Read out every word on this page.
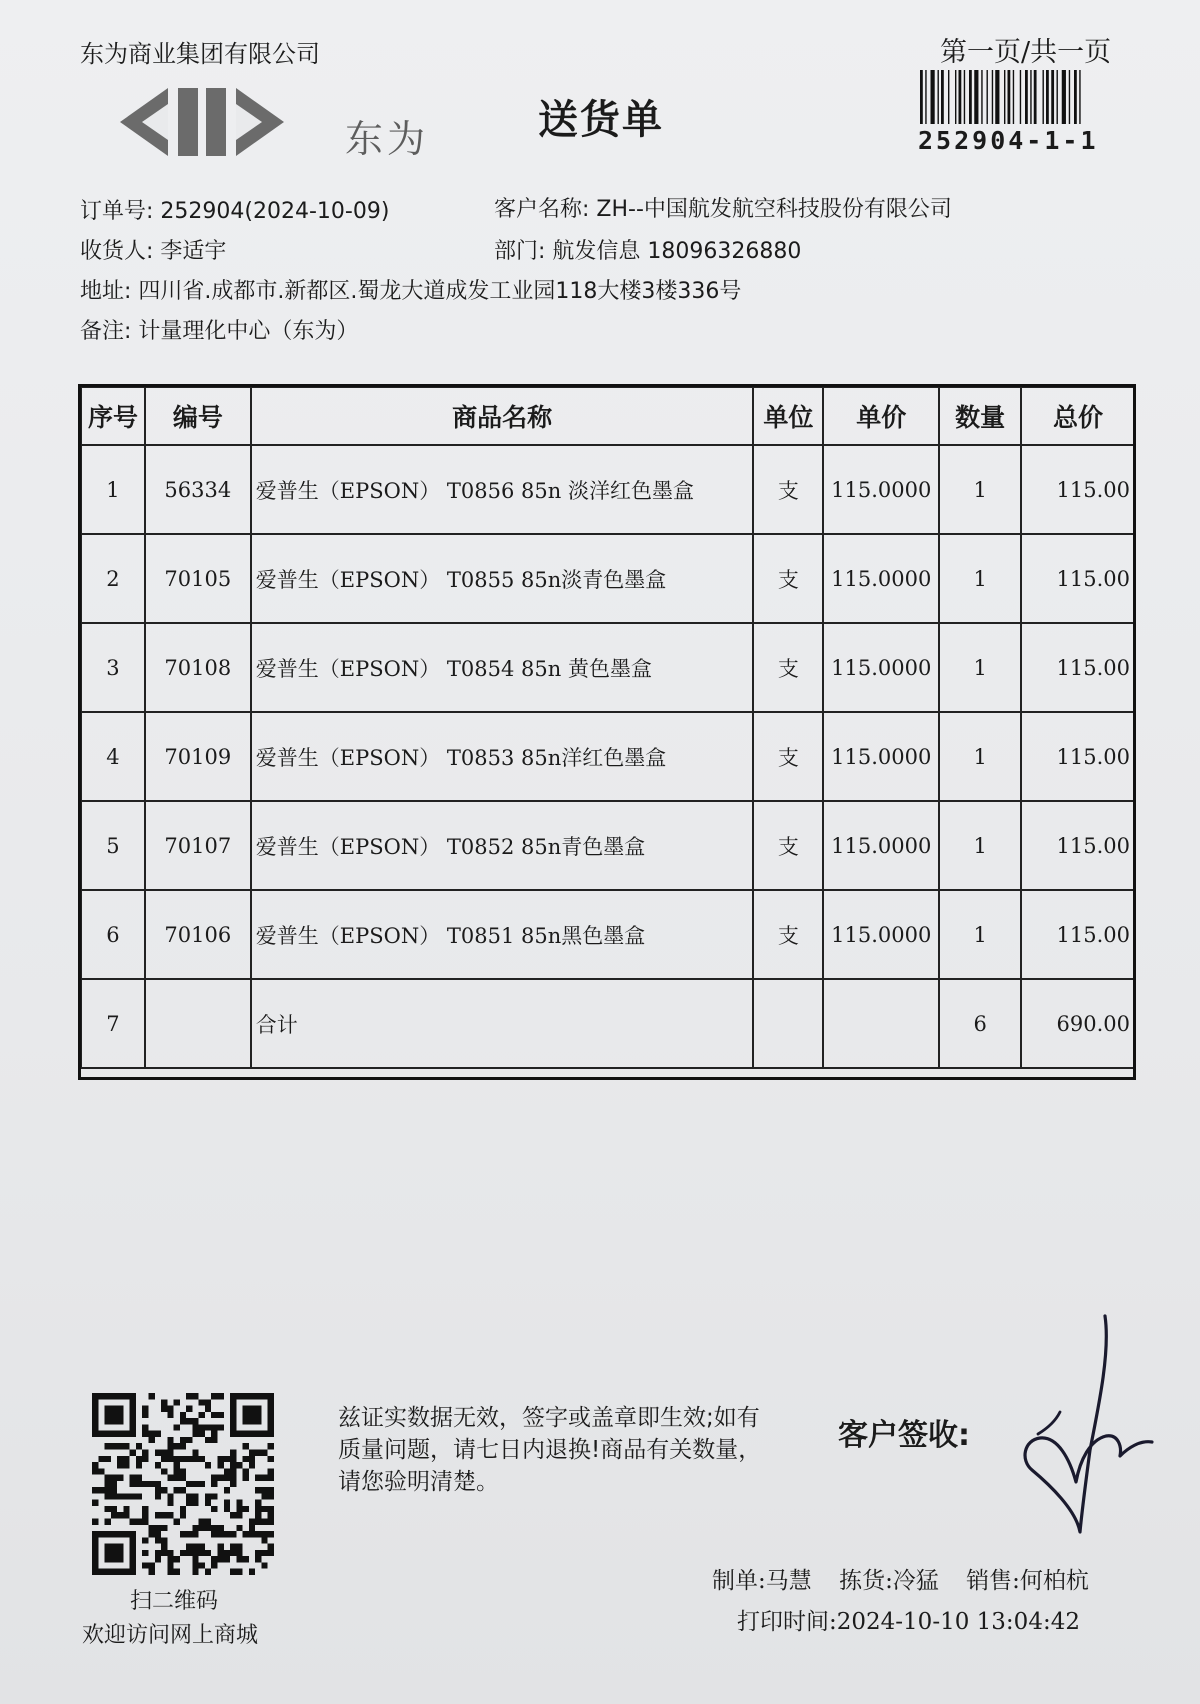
东为商业集团有限公司
东为	送货单
第一页/共一页
252904-1-1
订单号: 252904(2024-10-09)	客户名称: ZH--中国航发航空科技股份有限公司
收货人: 李适宇	部门: 航发信息 18096326880
地址: 四川省.成都市.新都区.蜀龙大道成发工业园118大楼3楼336号
备注: 计量理化中心（东为）
序号	编号	商品名称	单位	单价	数量	总价
1	56334	爱普生（EPSON） T0856 85n 淡洋红色墨盒	支	115.0000	1	115.00
2	70105	爱普生（EPSON） T0855 85n淡青色墨盒	支	115.0000	1	115.00
3	70108	爱普生（EPSON） T0854 85n 黄色墨盒	支	115.0000	1	115.00
4	70109	爱普生（EPSON） T0853 85n洋红色墨盒	支	115.0000	1	115.00
5	70107	爱普生（EPSON） T0852 85n青色墨盒	支	115.0000	1	115.00
6	70106	爱普生（EPSON） T0851 85n黑色墨盒	支	115.0000	1	115.00
7		合计			6	690.00
扫二维码
欢迎访问网上商城
兹证实数据无效，签字或盖章即生效;如有质量问题，请七日内退换!商品有关数量，请您验明清楚。
客户签收:
制单:马慧 拣货:冷猛 销售:何柏杭
打印时间:2024-10-10 13:04:42
